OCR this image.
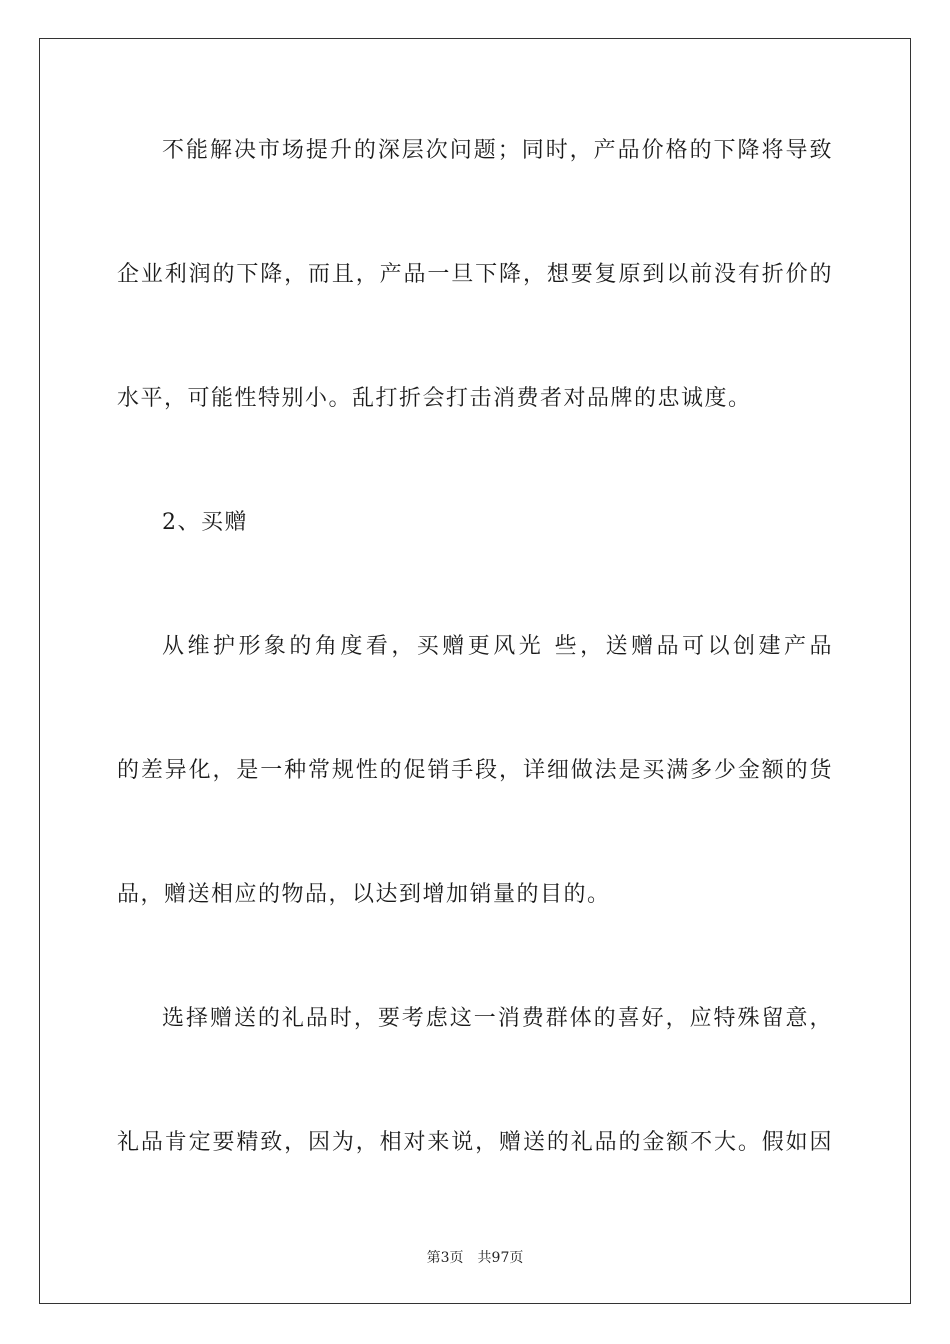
不能解决市场提升的深层次问题；同时，产品价格的下降将导致
企业利润的下降，而且，产品一旦下降，想要复原到以前没有折价的
水平，可能性特别小。乱打折会打击消费者对品牌的忠诚度。
2、买赠
从维护形象的角度看，买赠更风光 些，送赠品可以创建产品
的差异化，是一种常规性的促销手段，详细做法是买满多少金额的货
品，赠送相应的物品，以达到增加销量的目的。
选择赠送的礼品时，要考虑这一消费群体的喜好，应特殊留意，
礼品肯定要精致，因为，相对来说，赠送的礼品的金额不大。假如因
第3页 共97页
